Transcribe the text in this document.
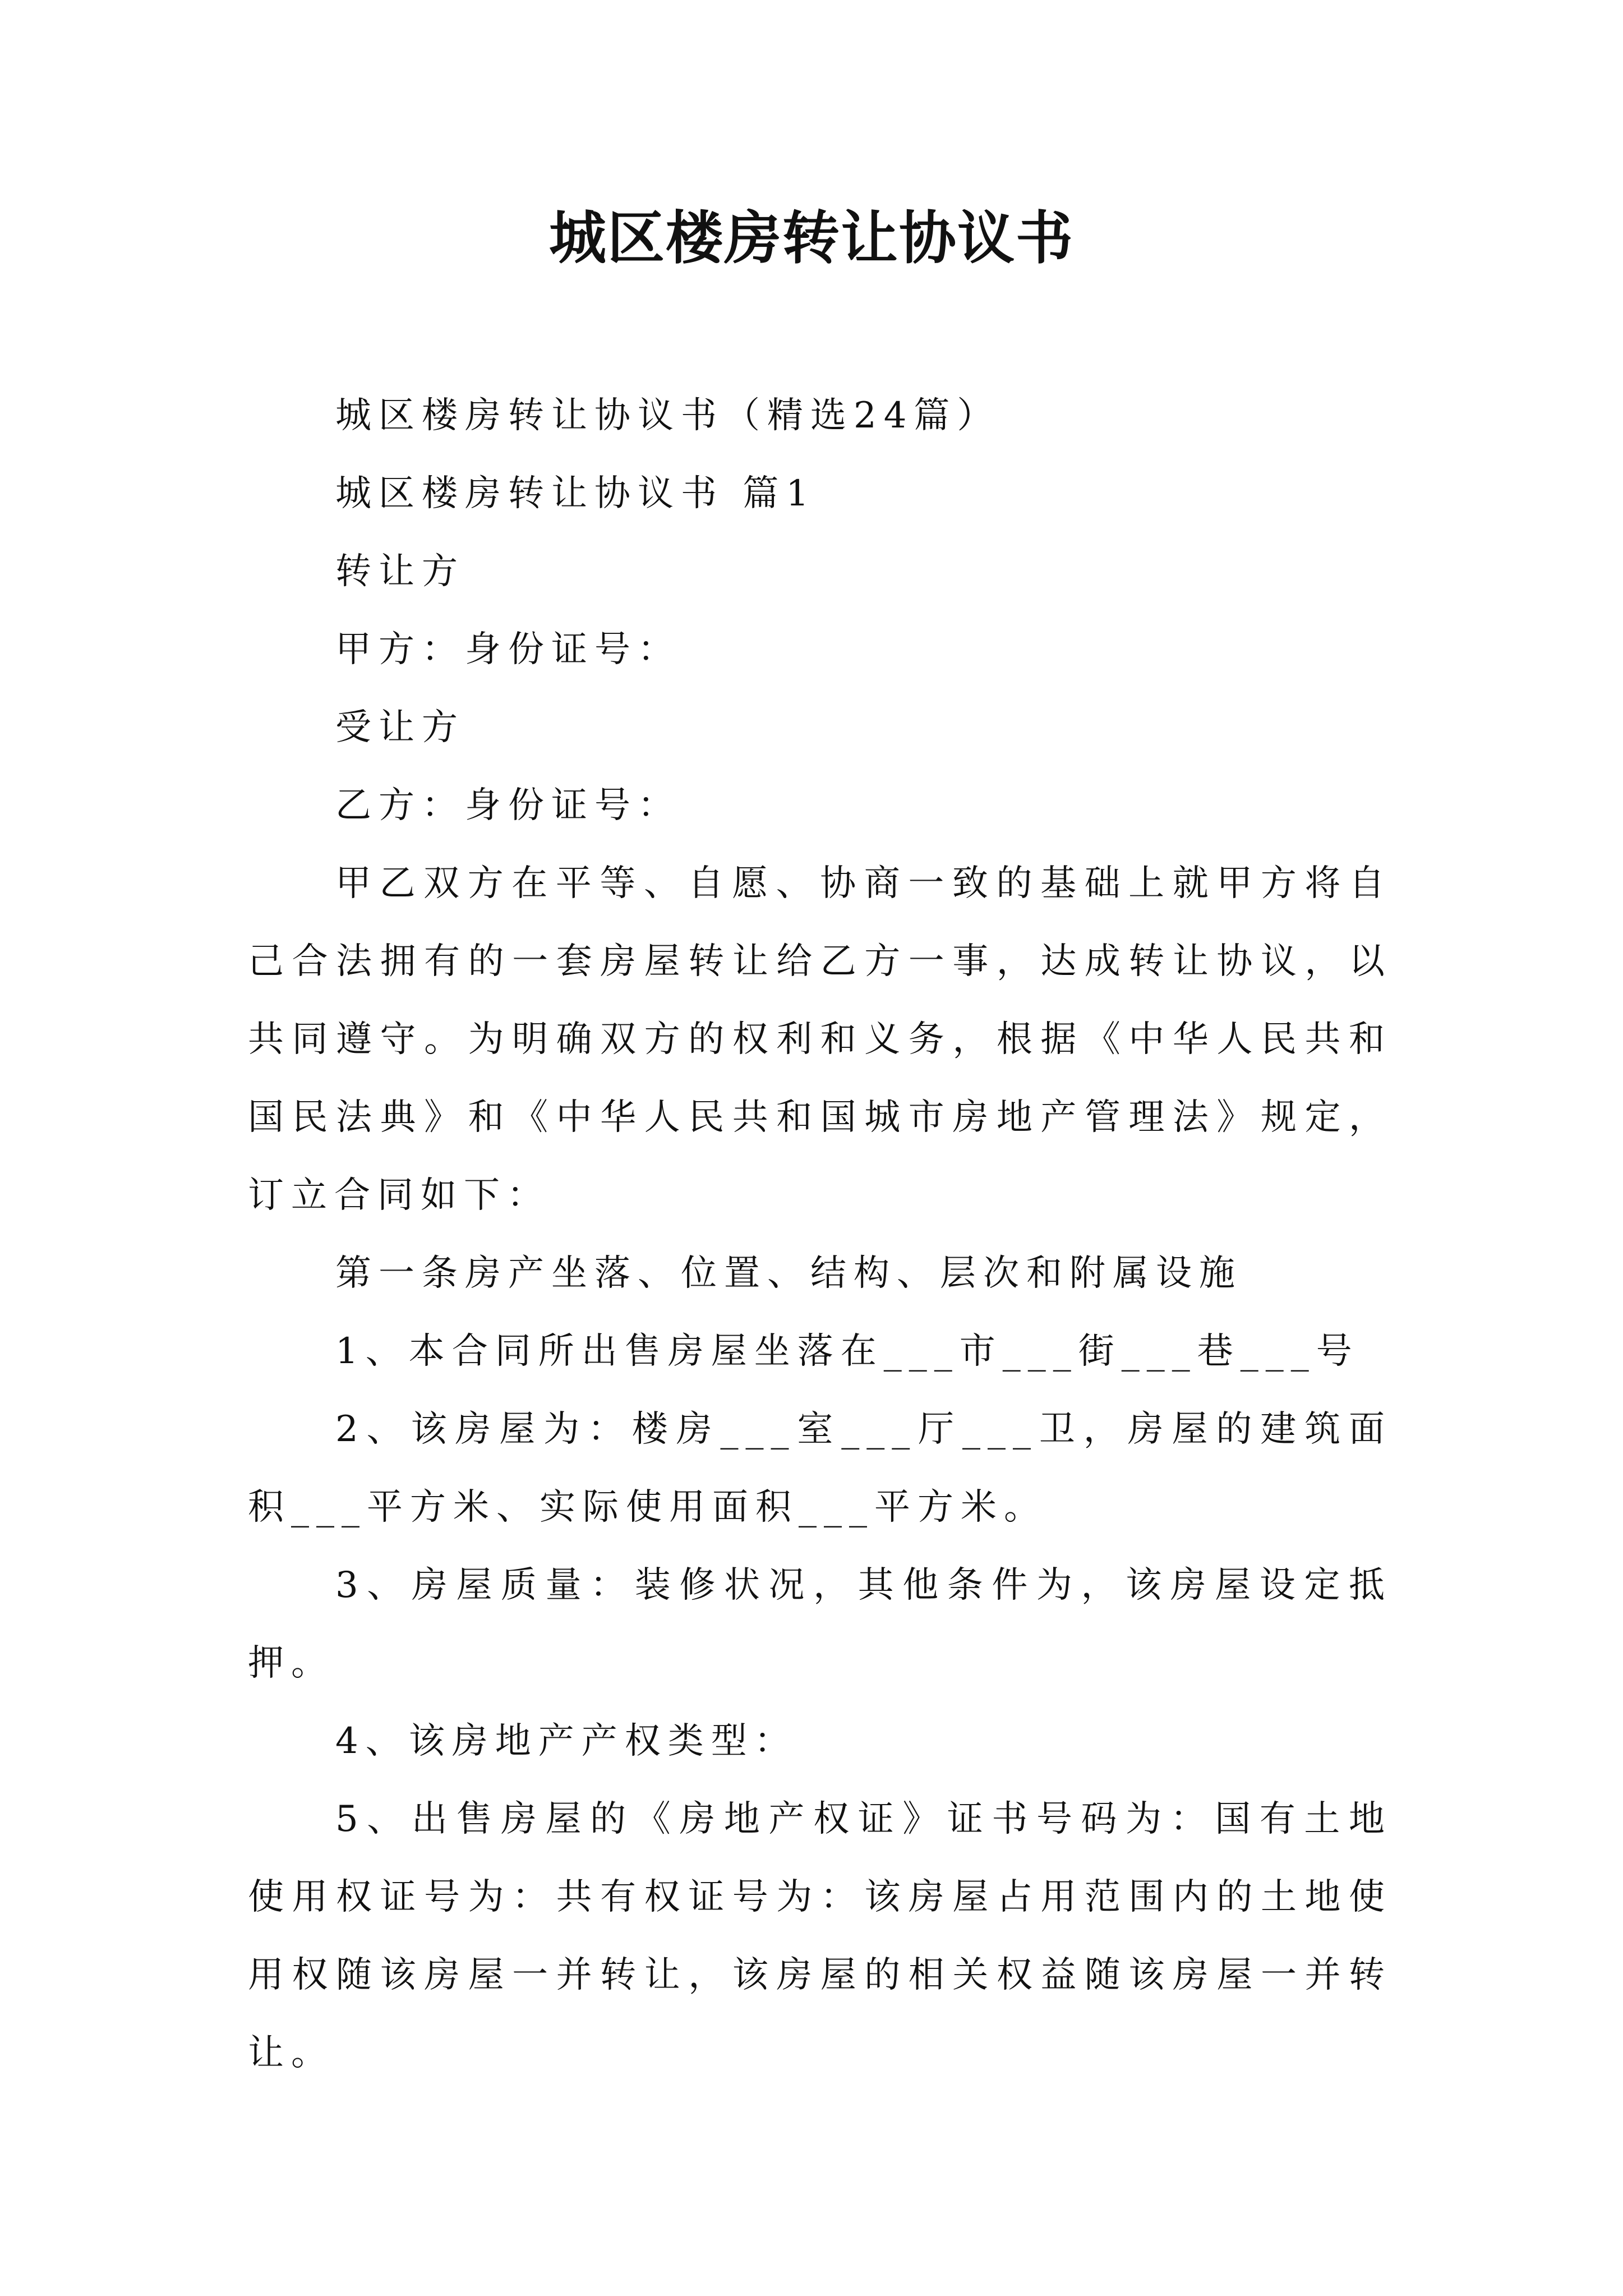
城区楼房转让协议书

城区楼房转让协议书（精选24篇）

城区楼房转让协议书 篇1

转让方

甲方：身份证号：

受让方

乙方：身份证号：

甲乙双方在平等、自愿、协商一致的基础上就甲方将自己合法拥有的一套房屋转让给乙方一事，达成转让协议，以共同遵守。为明确双方的权利和义务，根据《中华人民共和国民法典》和《中华人民共和国城市房地产管理法》规定，订立合同如下：

第一条房产坐落、位置、结构、层次和附属设施

1、本合同所出售房屋坐落在___市___街___巷___号

2、该房屋为：楼房___室___厅___卫，房屋的建筑面积___平方米、实际使用面积___平方米。

3、房屋质量：装修状况，其他条件为，该房屋设定抵押。

4、该房地产产权类型：

5、出售房屋的《房地产权证》证书号码为：国有土地使用权证号为：共有权证号为：该房屋占用范围内的土地使用权随该房屋一并转让，该房屋的相关权益随该房屋一并转让。
